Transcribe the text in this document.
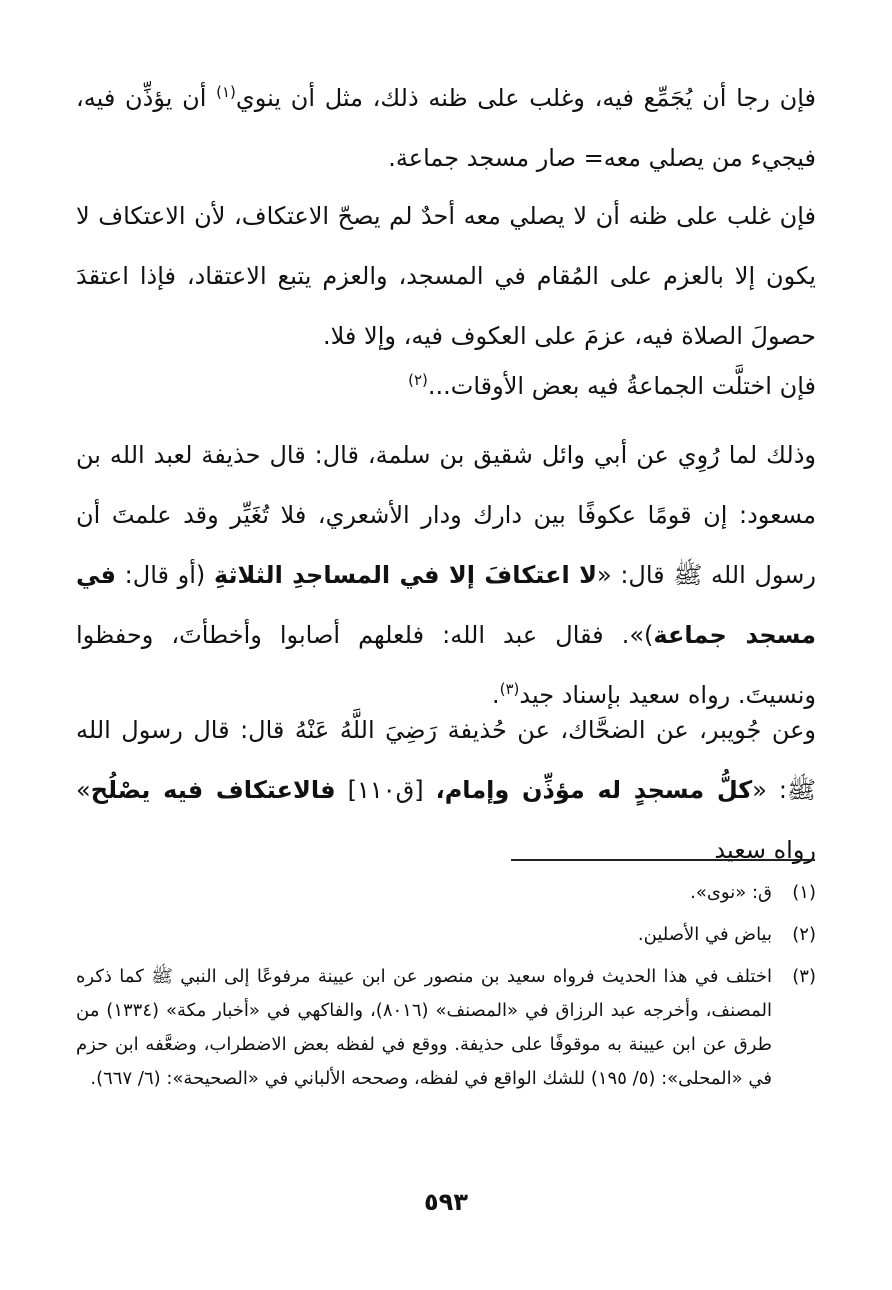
فإن رجا أن يُجَمِّع فيه، وغلب على ظنه ذلك، مثل أن ينوي$^{(١)}$ أن يؤذِّن فيه، فيجيء من يصلي معه= صار مسجد جماعة.

فإن غلب على ظنه أن لا يصلي معه أحدٌ لم يصحّ الاعتكاف، لأن الاعتكاف لا يكون إلا بالعزم على المُقام في المسجد، والعزم يتبع الاعتقاد، فإذا اعتقدَ حصولَ الصلاة فيه، عزمَ على العكوف فيه، وإلا فلا.

فإن اختلَّت الجماعةُ فيه بعض الأوقات...$^{(٢)}$

وذلك لما رُوِي عن أبي وائل شقيق بن سلمة، قال: قال حذيفة لعبد الله بن مسعود: إن قومًا عكوفًا بين دارك ودار الأشعري، فلا تُغَيِّر وقد علمتَ أن رسول الله ﷺ قال: «لا اعتكافَ إلا في المساجدِ الثلاثةِ (أو قال: في مسجد جماعة)». فقال عبد الله: فلعلهم أصابوا وأخطأتَ، وحفظوا ونسيتَ. رواه سعيد بإسناد جيد$^{(٣)}$.

وعن جُويبر، عن الضحَّاك، عن حُذيفة رَضِيَ اللَّهُ عَنْهُ قال: قال رسول الله ﷺ: «كلُّ مسجدٍ له مؤذِّن وإمام، [ق١١٠] فالاعتكاف فيه يصْلُح» رواه سعيد

(١)
ق: «نوى».
(٢)
بياض في الأصلين.
(٣)
اختلف في هذا الحديث فرواه سعيد بن منصور عن ابن عيينة مرفوعًا إلى النبي ﷺ كما ذكره المصنف، وأخرجه عبد الرزاق في «المصنف» (٨٠١٦)، والفاكهي في «أخبار مكة» (١٣٣٤) من طرق عن ابن عيينة به موقوفًا على حذيفة. ووقع في لفظه بعض الاضطراب، وضعَّفه ابن حزم في «المحلى»: (٥/ ١٩٥) للشك الواقع في لفظه، وصححه الألباني في «الصحيحة»: (٦/ ٦٦٧).
٥٩٣
